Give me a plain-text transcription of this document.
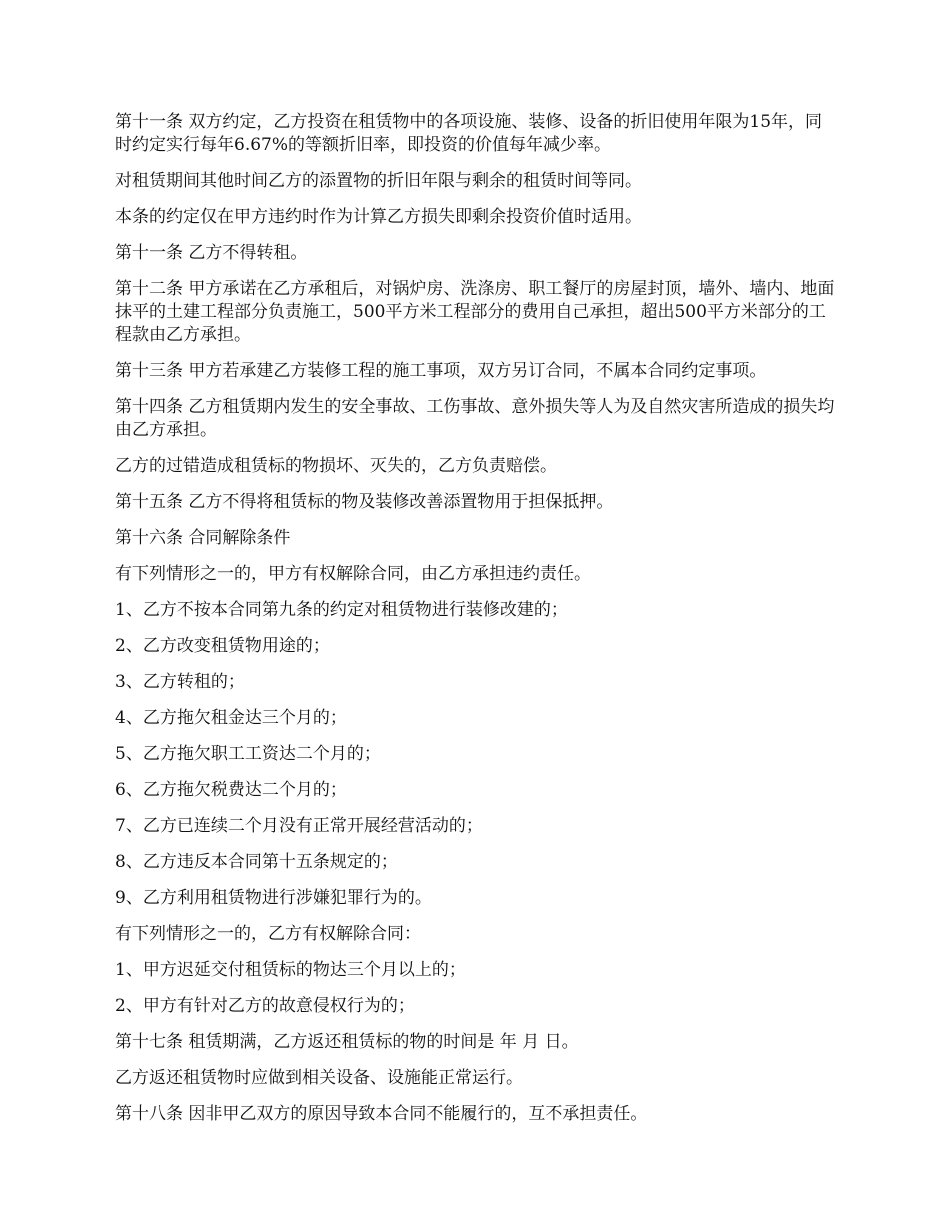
第十一条 双方约定，乙方投资在租赁物中的各项设施、装修、设备的折旧使用年限为15年，同时约定实行每年6.67%的等额折旧率，即投资的价值每年减少率。

对租赁期间其他时间乙方的添置物的折旧年限与剩余的租赁时间等同。

本条的约定仅在甲方违约时作为计算乙方损失即剩余投资价值时适用。

第十一条 乙方不得转租。

第十二条 甲方承诺在乙方承租后，对锅炉房、洗涤房、职工餐厅的房屋封顶，墙外、墙内、地面抹平的土建工程部分负责施工，500平方米工程部分的费用自己承担，超出500平方米部分的工程款由乙方承担。

第十三条 甲方若承建乙方装修工程的施工事项，双方另订合同，不属本合同约定事项。

第十四条 乙方租赁期内发生的安全事故、工伤事故、意外损失等人为及自然灾害所造成的损失均由乙方承担。

乙方的过错造成租赁标的物损坏、灭失的，乙方负责赔偿。

第十五条 乙方不得将租赁标的物及装修改善添置物用于担保抵押。

第十六条 合同解除条件

有下列情形之一的，甲方有权解除合同，由乙方承担违约责任。

1、乙方不按本合同第九条的约定对租赁物进行装修改建的；

2、乙方改变租赁物用途的；

3、乙方转租的；

4、乙方拖欠租金达三个月的；

5、乙方拖欠职工工资达二个月的；

6、乙方拖欠税费达二个月的；

7、乙方已连续二个月没有正常开展经营活动的；

8、乙方违反本合同第十五条规定的；

9、乙方利用租赁物进行涉嫌犯罪行为的。

有下列情形之一的，乙方有权解除合同：

1、甲方迟延交付租赁标的物达三个月以上的；

2、甲方有针对乙方的故意侵权行为的；

第十七条 租赁期满，乙方返还租赁标的物的时间是 年 月 日。

乙方返还租赁物时应做到相关设备、设施能正常运行。

第十八条 因非甲乙双方的原因导致本合同不能履行的，互不承担责任。
